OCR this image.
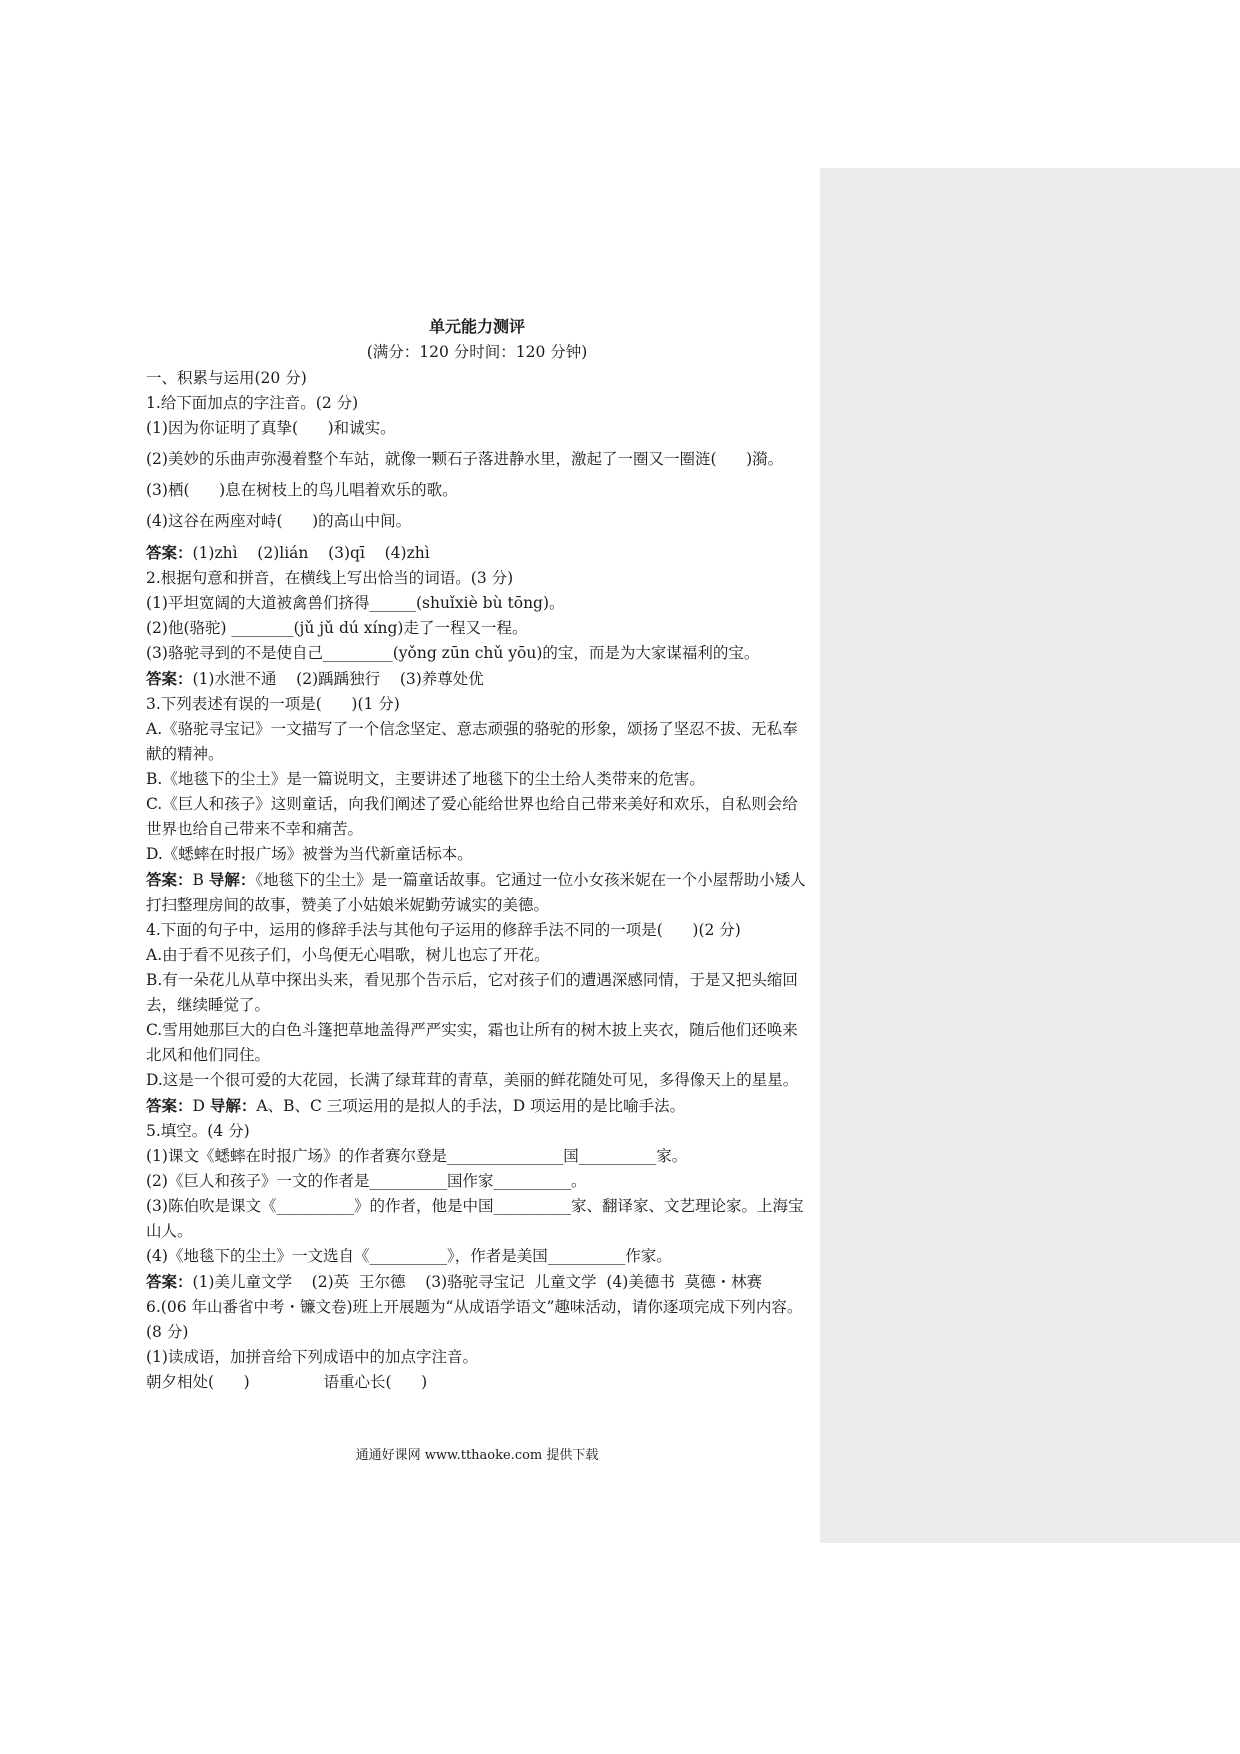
单元能力测评
(满分：120 分时间：120 分钟)
一、积累与运用(20 分)
1.给下面加点的字注音。(2 分)
(1)因为你证明了真挚(      )和诚实。
(2)美妙的乐曲声弥漫着整个车站，就像一颗石子落进静水里，激起了一圈又一圈涟(      )漪。
(3)栖(      )息在树枝上的鸟儿唱着欢乐的歌。
(4)这谷在两座对峙(      )的高山中间。
答案：(1)zhì    (2)lián    (3)qī    (4)zhì
2.根据句意和拼音，在横线上写出恰当的词语。(3 分)
(1)平坦宽阔的大道被禽兽们挤得______(shuǐxiè bù tōng)。
(2)他(骆驼) ________(jǔ jǔ dú xíng)走了一程又一程。
(3)骆驼寻到的不是使自己_________(yǒng zūn chǔ yōu)的宝，而是为大家谋福利的宝。
答案：(1)水泄不通    (2)踽踽独行    (3)养尊处优
3.下列表述有误的一项是(      )(1 分)
A.《骆驼寻宝记》一文描写了一个信念坚定、意志顽强的骆驼的形象，颂扬了坚忍不拔、无私奉献的精神。
B.《地毯下的尘土》是一篇说明文，主要讲述了地毯下的尘土给人类带来的危害。
C.《巨人和孩子》这则童话，向我们阐述了爱心能给世界也给自己带来美好和欢乐，自私则会给世界也给自己带来不幸和痛苦。
D.《蟋蟀在时报广场》被誉为当代新童话标本。
答案：B 导解：《地毯下的尘土》是一篇童话故事。它通过一位小女孩米妮在一个小屋帮助小矮人打扫整理房间的故事，赞美了小姑娘米妮勤劳诚实的美德。
4.下面的句子中，运用的修辞手法与其他句子运用的修辞手法不同的一项是(      )(2 分)
A.由于看不见孩子们，小鸟便无心唱歌，树儿也忘了开花。
B.有一朵花儿从草中探出头来，看见那个告示后，它对孩子们的遭遇深感同情，于是又把头缩回去，继续睡觉了。
C.雪用她那巨大的白色斗篷把草地盖得严严实实，霜也让所有的树木披上夹衣，随后他们还唤来北风和他们同住。
D.这是一个很可爱的大花园，长满了绿茸茸的青草，美丽的鲜花随处可见，多得像天上的星星。
答案：D 导解：A、B、C 三项运用的是拟人的手法，D 项运用的是比喻手法。
5.填空。(4 分)
(1)课文《蟋蟀在时报广场》的作者赛尔登是_______________国__________家。
(2)《巨人和孩子》一文的作者是__________国作家__________。
(3)陈伯吹是课文《__________》的作者，他是中国__________家、翻译家、文艺理论家。上海宝山人。
(4)《地毯下的尘土》一文选自《__________》，作者是美国__________作家。
答案：(1)美儿童文学    (2)英  王尔德    (3)骆驼寻宝记  儿童文学  (4)美德书  莫德・林赛
6.(06 年山番省中考・镰文卷)班上开展题为“从成语学语文”趣味活动，请你逐项完成下列内容。(8 分)
(1)读成语，加拼音给下列成语中的加点字注音。
朝夕相处(      )               语重心长(      )
通通好课网 www.tthaoke.com 提供下载
